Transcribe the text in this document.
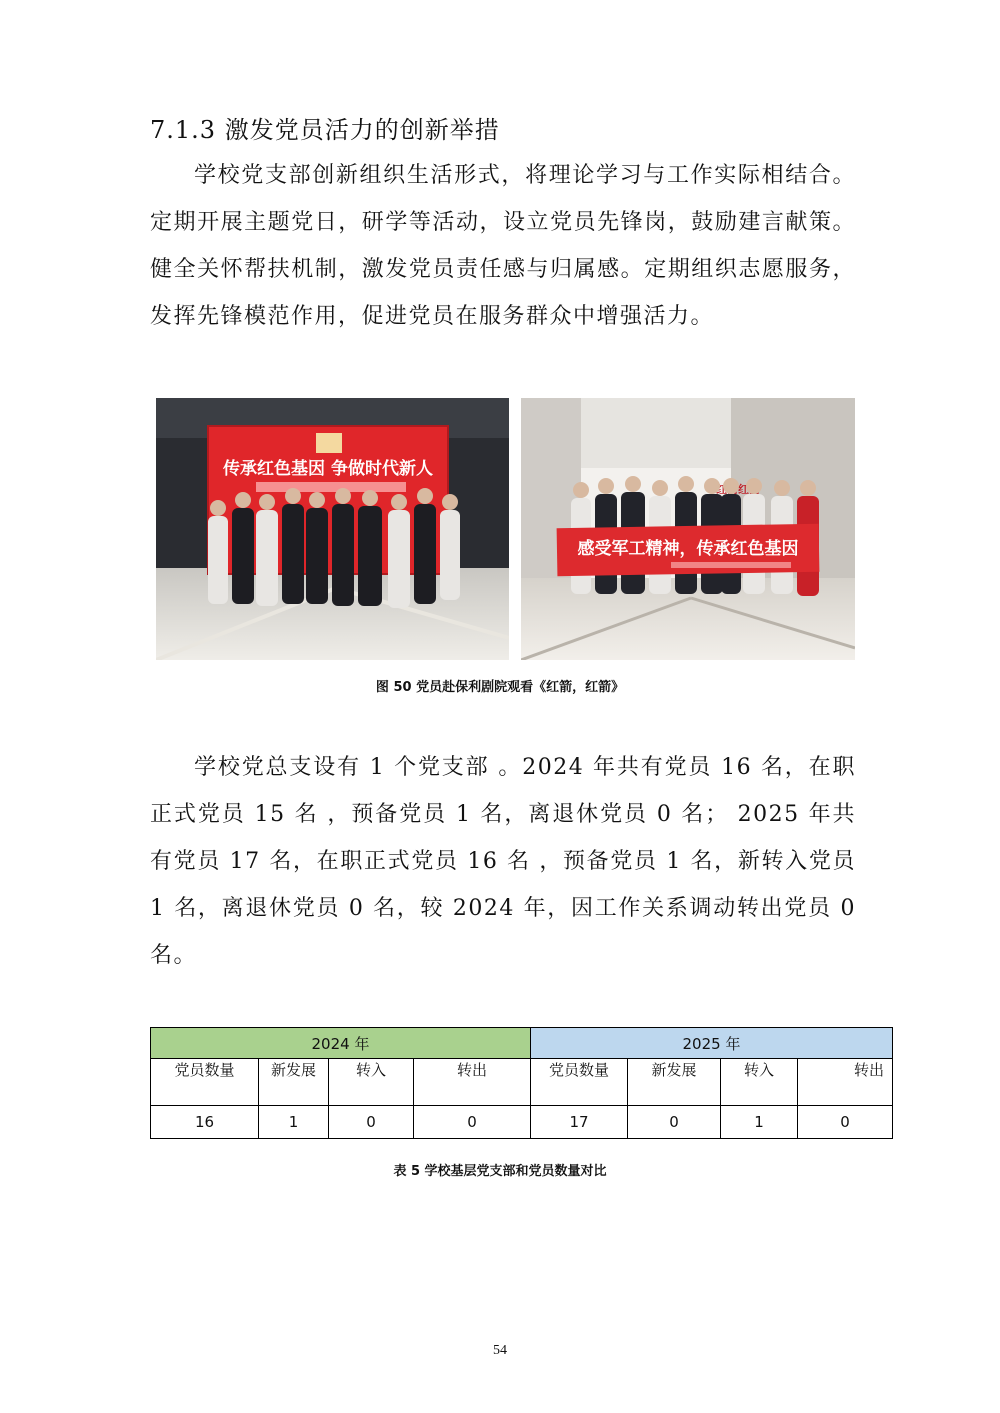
7.1.3 激发党员活力的创新举措

学校党支部创新组织生活形式，将理论学习与工作实际相结合。定期开展主题党日，研学等活动，设立党员先锋岗，鼓励建言献策。健全关怀帮扶机制，激发党员责任感与归属感。定期组织志愿服务，发挥先锋模范作用，促进党员在服务群众中增强活力。

传承红色基因 争做时代新人
感受军工精神，传承红色基因
图 50 党员赴保利剧院观看《红箭，红箭》

学校党总支设有 1 个党支部 。2024 年共有党员 16 名，在职正式党员 15 名 ，预备党员 1 名，离退休党员 0 名； 2025 年共有党员 17 名，在职正式党员 16 名 ，预备党员 1 名，新转入党员 1 名，离退休党员 0 名，较 2024 年，因工作关系调动转出党员 0 名。

2024 年				2025 年			
党员数量	新发展	转入	转出	党员数量	新发展	转入	转出
16	1	0	0	17	0	1	0
表 5 学校基层党支部和党员数量对比
54
